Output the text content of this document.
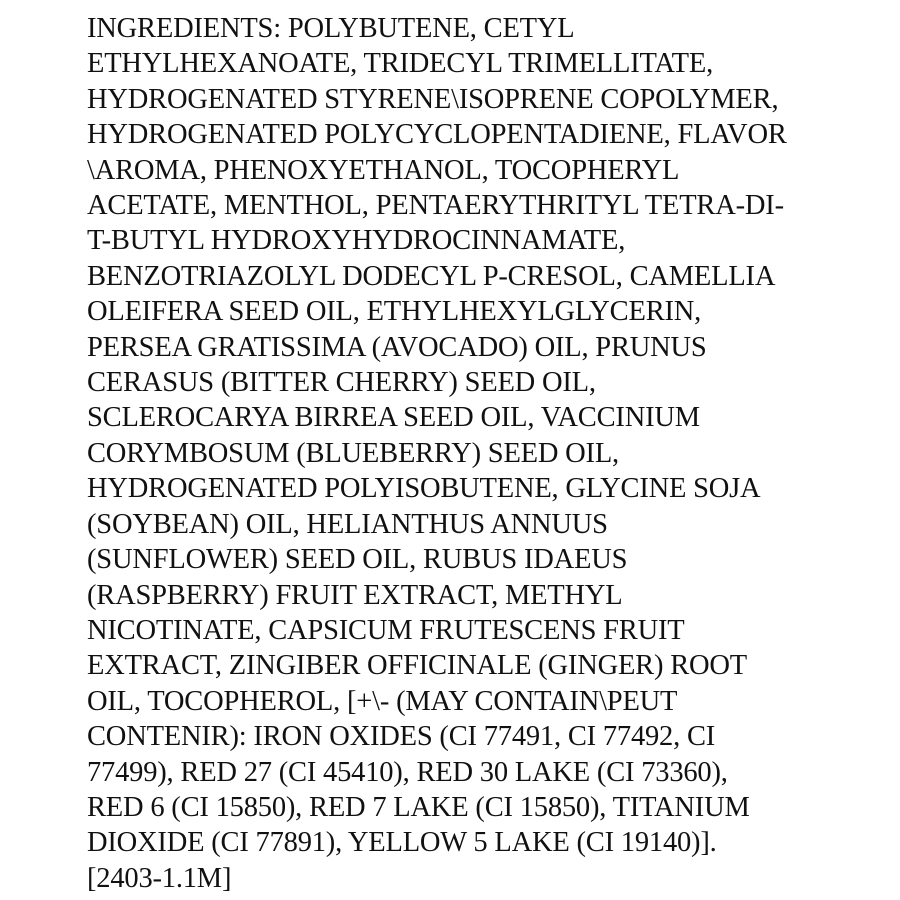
INGREDIENTS: POLYBUTENE, CETYL
ETHYLHEXANOATE, TRIDECYL TRIMELLITATE,
HYDROGENATED STYRENE\ISOPRENE COPOLYMER,
HYDROGENATED POLYCYCLOPENTADIENE, FLAVOR
\AROMA, PHENOXYETHANOL, TOCOPHERYL
ACETATE, MENTHOL, PENTAERYTHRITYL TETRA-DI-
T-BUTYL HYDROXYHYDROCINNAMATE,
BENZOTRIAZOLYL DODECYL P-CRESOL, CAMELLIA
OLEIFERA SEED OIL, ETHYLHEXYLGLYCERIN,
PERSEA GRATISSIMA (AVOCADO) OIL, PRUNUS
CERASUS (BITTER CHERRY) SEED OIL,
SCLEROCARYA BIRREA SEED OIL, VACCINIUM
CORYMBOSUM (BLUEBERRY) SEED OIL,
HYDROGENATED POLYISOBUTENE, GLYCINE SOJA
(SOYBEAN) OIL, HELIANTHUS ANNUUS
(SUNFLOWER) SEED OIL, RUBUS IDAEUS
(RASPBERRY) FRUIT EXTRACT, METHYL
NICOTINATE, CAPSICUM FRUTESCENS FRUIT
EXTRACT, ZINGIBER OFFICINALE (GINGER) ROOT
OIL, TOCOPHEROL, [+\- (MAY CONTAIN\PEUT
CONTENIR): IRON OXIDES (CI 77491, CI 77492, CI
77499), RED 27 (CI 45410), RED 30 LAKE (CI 73360),
RED 6 (CI 15850), RED 7 LAKE (CI 15850), TITANIUM
DIOXIDE (CI 77891), YELLOW 5 LAKE (CI 19140)].
[2403-1.1M]
